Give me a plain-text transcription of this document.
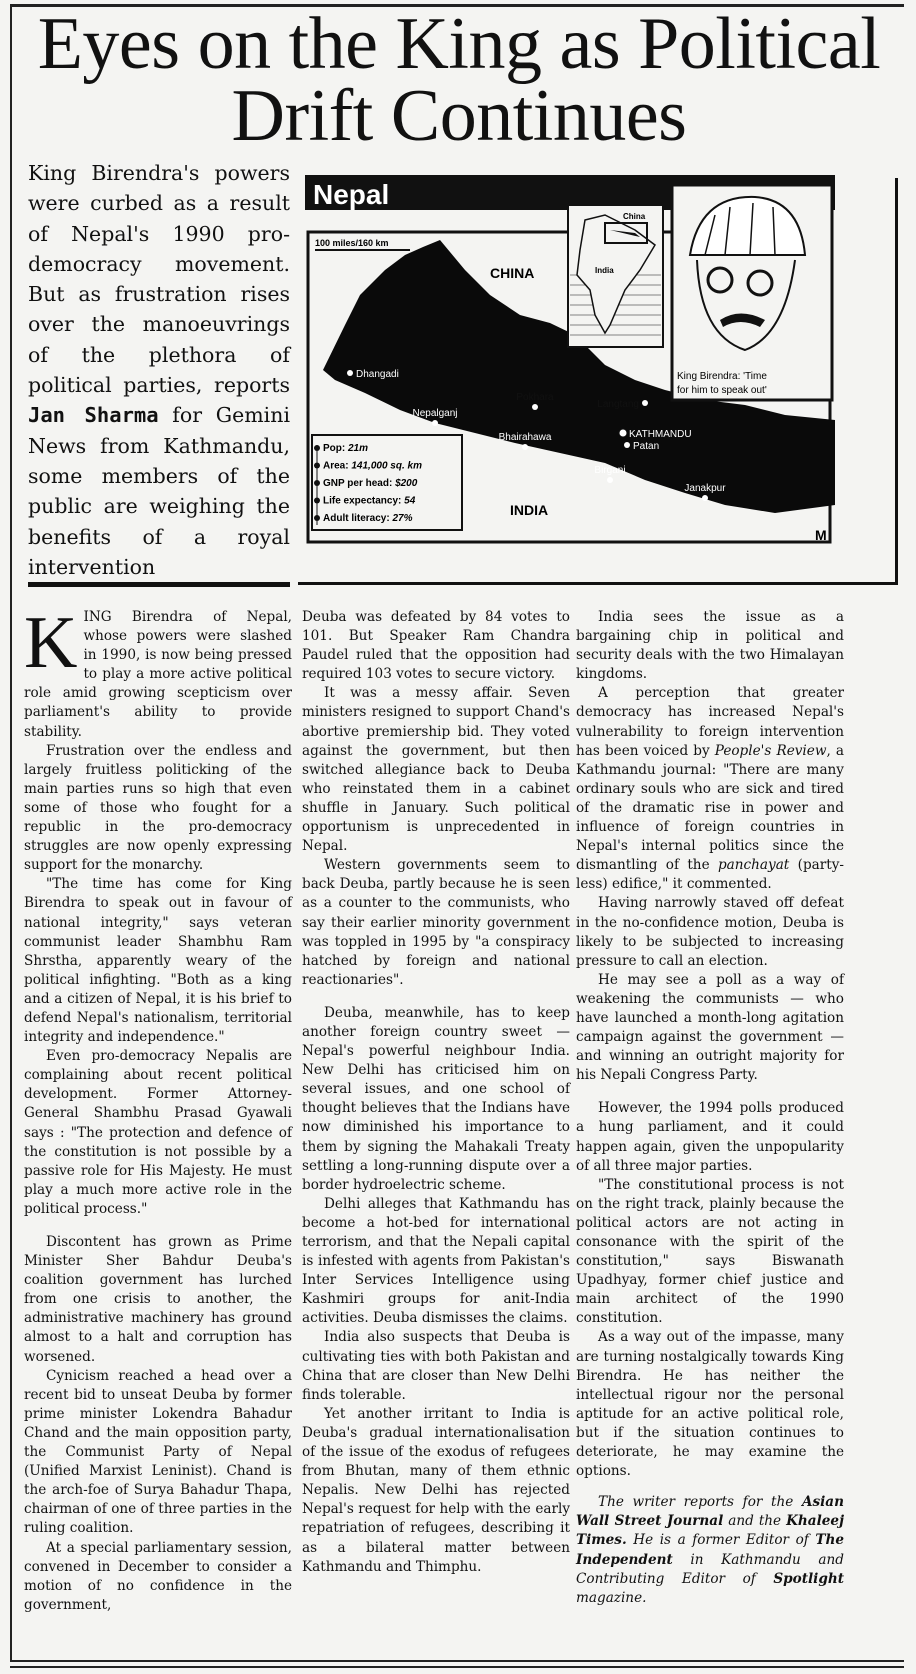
Eyes on the King as Political
Drift Continues
King Birendra's powers were curbed as a result of Nepal's 1990 pro-democracy movement. But as frustration rises over the manoeuvrings of the plethora of political parties, reports Jan Sharma for Gemini News from Kathmandu, some members of the public are weighing the benefits of a royal intervention
Nepal
100 miles/160 km
CHINA
INDIA
China
India
King Birendra: 'Time
for him to speak out'
Dhangadi
Nepalganj
Pokhara
Langtang
Bhairahawa	KATHMANDU
Patan
Birgani
Janakpur
Pop: 21m
Area: 141,000 sq. km
GNP per head: $200
Life expectancy: 54
Adult literacy: 27%
M

KING Birendra of Nepal, whose powers were slashed in 1990, is now being pressed to play a more active political role amid growing scepticism over parliament's ability to provide stability.

Frustration over the endless and largely fruitless politicking of the main parties runs so high that even some of those who fought for a republic in the pro-democracy struggles are now openly expressing support for the monarchy.

"The time has come for King Birendra to speak out in favour of national integrity," says veteran communist leader Shambhu Ram Shrstha, apparently weary of the political infighting. "Both as a king and a citizen of Nepal, it is his brief to defend Nepal's nationalism, territorial integrity and independence."

Even pro-democracy Nepalis are complaining about recent political development. Former Attorney-General Shambhu Prasad Gyawali says : "The protection and defence of the constitution is not possible by a passive role for His Majesty. He must play a much more active role in the political process."

Discontent has grown as Prime Minister Sher Bahdur Deuba's coalition government has lurched from one crisis to another, the administrative machinery has ground almost to a halt and corruption has worsened.

Cynicism reached a head over a recent bid to unseat Deuba by former prime minister Lokendra Bahadur Chand and the main opposition party, the Communist Party of Nepal (Unified Marxist Leninist). Chand is the arch-foe of Surya Bahadur Thapa, chairman of one of three parties in the ruling coalition.

At a special parliamentary session, convened in December to consider a motion of no confidence in the government,

Deuba was defeated by 84 votes to 101. But Speaker Ram Chandra Paudel ruled that the opposition had required 103 votes to secure victory.

It was a messy affair. Seven ministers resigned to support Chand's abortive premiership bid. They voted against the government, but then switched allegiance back to Deuba who reinstated them in a cabinet shuffle in January. Such political opportunism is unprecedented in Nepal.

Western governments seem to back Deuba, partly because he is seen as a counter to the communists, who say their earlier minority government was toppled in 1995 by "a conspiracy hatched by foreign and national reactionaries".

Deuba, meanwhile, has to keep another foreign country sweet — Nepal's powerful neighbour India. New Delhi has criticised him on several issues, and one school of thought believes that the Indians have now diminished his importance to them by signing the Mahakali Treaty settling a long-running dispute over a border hydroelectric scheme.

Delhi alleges that Kathmandu has become a hot-bed for international terrorism, and that the Nepali capital is infested with agents from Pakistan's Inter Services Intelligence using Kashmiri groups for anit-India activities. Deuba dismisses the claims.

India also suspects that Deuba is cultivating ties with both Pakistan and China that are closer than New Delhi finds tolerable.

Yet another irritant to India is Deuba's gradual internationalisation of the issue of the exodus of refugees from Bhutan, many of them ethnic Nepalis. New Delhi has rejected Nepal's request for help with the early repatriation of refugees, describing it as a bilateral matter between Kathmandu and Thimphu.

India sees the issue as a bargaining chip in political and security deals with the two Himalayan kingdoms.

A perception that greater democracy has increased Nepal's vulnerability to foreign intervention has been voiced by People's Review, a Kathmandu journal: "There are many ordinary souls who are sick and tired of the dramatic rise in power and influence of foreign countries in Nepal's internal politics since the dismantling of the panchayat (party-less) edifice," it commented.

Having narrowly staved off defeat in the no-confidence motion, Deuba is likely to be subjected to increasing pressure to call an election.

He may see a poll as a way of weakening the communists — who have launched a month-long agitation campaign against the government — and winning an outright majority for his Nepali Congress Party.

However, the 1994 polls produced a hung parliament, and it could happen again, given the unpopularity of all three major parties.

"The constitutional process is not on the right track, plainly because the political actors are not acting in consonance with the spirit of the constitution," says Biswanath Upadhyay, former chief justice and main architect of the 1990 constitution.

As a way out of the impasse, many are turning nostalgically towards King Birendra. He has neither the intellectual rigour nor the personal aptitude for an active political role, but if the situation continues to deteriorate, he may examine the options.

The writer reports for the Asian Wall Street Journal and the Khaleej Times. He is a former Editor of The Independent in Kathmandu and Contributing Editor of Spotlight magazine.
